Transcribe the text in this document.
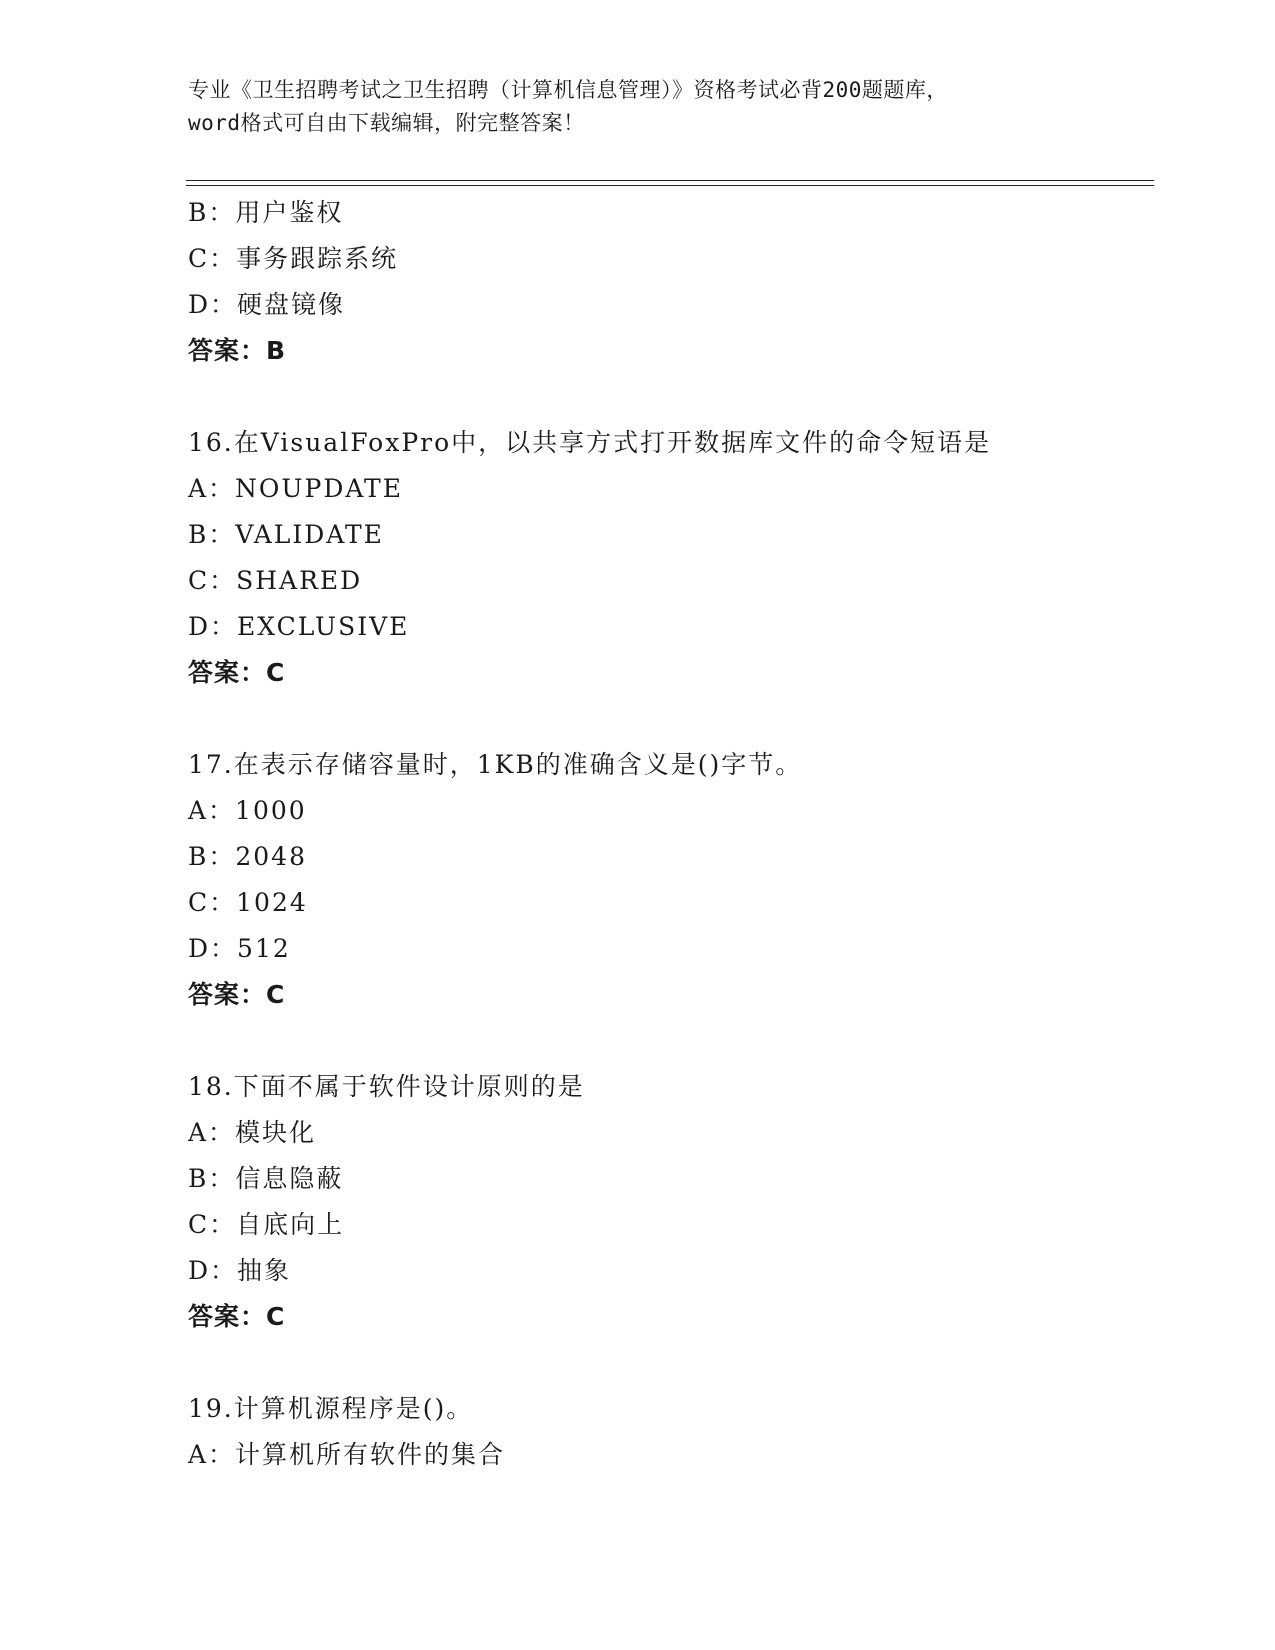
专业《卫生招聘考试之卫生招聘（计算机信息管理）》资格考试必背200题题库，
word格式可自由下载编辑，附完整答案！
B：用户鉴权
C：事务跟踪系统
D：硬盘镜像
答案：B
16.在VisualFoxPro中，以共享方式打开数据库文件的命令短语是
A：NOUPDATE
B：VALIDATE
C：SHARED
D：EXCLUSIVE
答案：C
17.在表示存储容量时，1KB的准确含义是()字节。
A：1000
B：2048
C：1024
D：512
答案：C
18.下面不属于软件设计原则的是
A：模块化
B：信息隐蔽
C：自底向上
D：抽象
答案：C
19.计算机源程序是()。
A：计算机所有软件的集合
